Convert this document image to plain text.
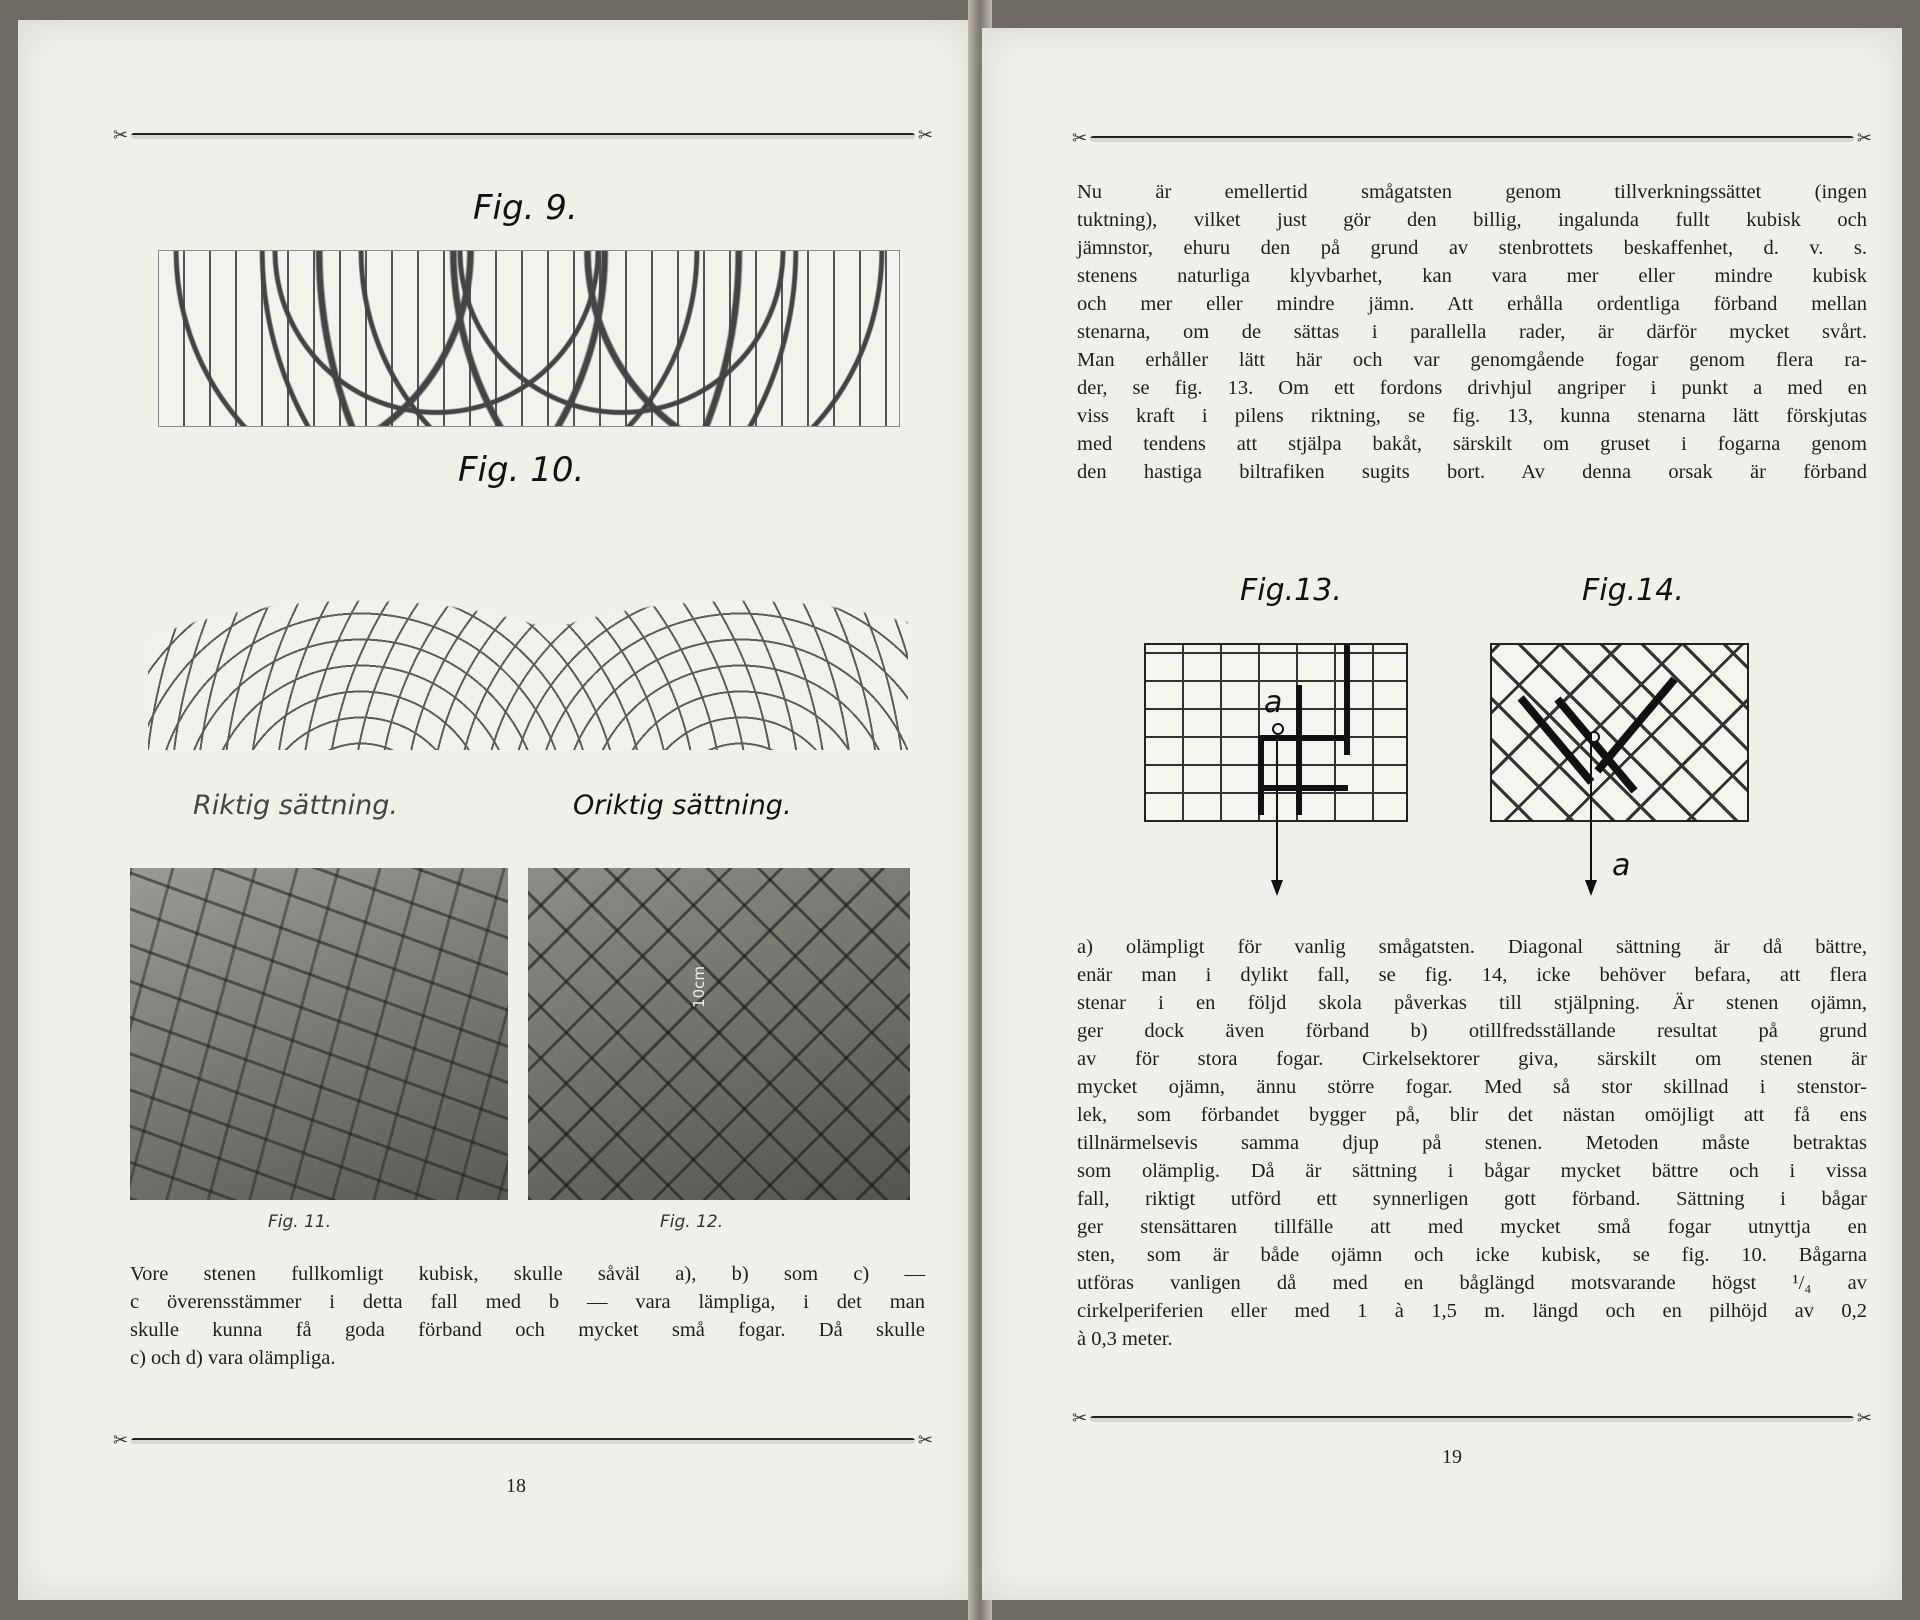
✂	✂
Fig. 9.
Fig. 10.
Riktig sättning.	Oriktig sättning.
10cm
Fig. 11.	Fig. 12.
Vore stenen fullkomligt kubisk, skulle såväl a), b) som c) —
c överensstämmer i detta fall med b — vara lämpliga, i det man
skulle kunna få goda förband och mycket små fogar. Då skulle
c) och d) vara olämpliga.
✂	✂
18
✂	✂
Nu är emellertid smågatsten genom tillverkningssättet (ingen
tuktning), vilket just gör den billig, ingalunda fullt kubisk och
jämnstor, ehuru den på grund av stenbrottets beskaffenhet, d. v. s.
stenens naturliga klyvbarhet, kan vara mer eller mindre kubisk
och mer eller mindre jämn. Att erhålla ordentliga förband mellan
stenarna, om de sättas i parallella rader, är därför mycket svårt.
Man erhåller lätt här och var genomgående fogar genom flera ra-
der, se fig. 13. Om ett fordons drivhjul angriper i punkt a med en
viss kraft i pilens riktning, se fig. 13, kunna stenarna lätt förskjutas
med tendens att stjälpa bakåt, särskilt om gruset i fogarna genom
den hastiga biltrafiken sugits bort. Av denna orsak är förband
Fig.13.	Fig.14.
a
a
a) olämpligt för vanlig smågatsten. Diagonal sättning är då bättre,
enär man i dylikt fall, se fig. 14, icke behöver befara, att flera
stenar i en följd skola påverkas till stjälpning. Är stenen ojämn,
ger dock även förband b) otillfredsställande resultat på grund
av för stora fogar. Cirkelsektorer giva, särskilt om stenen är
mycket ojämn, ännu större fogar. Med så stor skillnad i stenstor-
lek, som förbandet bygger på, blir det nästan omöjligt att få ens
tillnärmelsevis samma djup på stenen. Metoden måste betraktas
som olämplig. Då är sättning i bågar mycket bättre och i vissa
fall, riktigt utförd ett synnerligen gott förband. Sättning i bågar
ger stensättaren tillfälle att med mycket små fogar utnyttja en
sten, som är både ojämn och icke kubisk, se fig. 10. Bågarna
utföras vanligen då med en båglängd motsvarande högst ¹/₄ av
cirkelperiferien eller med 1 à 1,5 m. längd och en pilhöjd av 0,2
à 0,3 meter.
✂	✂
19
